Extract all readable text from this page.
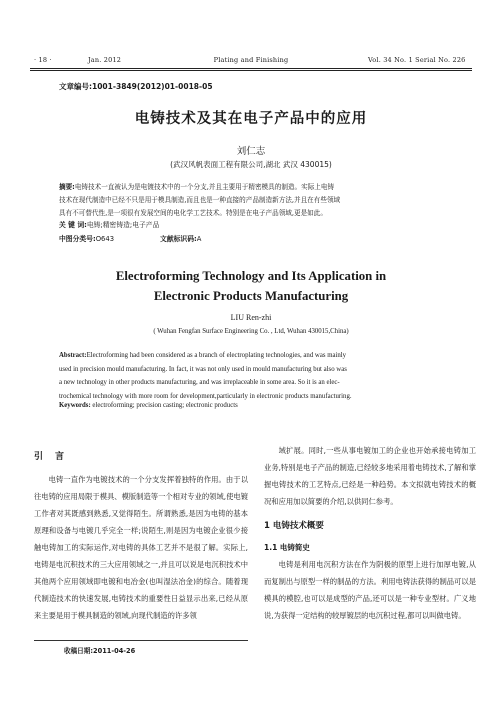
· 18 ·	Jan. 2012	Plating and Finishing	Vol. 34 No. 1 Serial No. 226
文章编号:1001-3849(2012)01-0018-05
电铸技术及其在电子产品中的应用
刘仁志
(武汉风帆表面工程有限公司,湖北 武汉 430015)
摘要:电铸技术一直被认为是电镀技术中的一个分支,并且主要用于精密模具的制造。实际上电铸
技术在现代制造中已经不只是用于模具制造,而且也是一种直接的产品制造新方法,并且在有些领域
具有不可替代性,是一项很有发展空间的电化学工艺技术。特别是在电子产品领域,更是如此。
关 键 词:电铸;精密铸造;电子产品
中图分类号:O643	文献标识码:A
Electroforming Technology and Its Application in
Electronic Products Manufacturing
LIU Ren-zhi
( Wuhan Fengfan Surface Engineering Co. , Ltd, Wuhan 430015,China)
Abstract:Electroforming had been considered as a branch of electroplating technologies, and was mainly
used in precision mould manufacturing. In fact, it was not only used in mould manufacturing but also was
a new technology in other products manufacturing, and was irreplaceable in some area. So it is an elec-
trochemical technology with more room for development,particularly in electronic products manufacturing.
Keywords: electroforming; precision casting; electronic products
引言

电铸一直作为电镀技术的一个分支发挥着独特的作用。由于以往电铸的应用局限于模具、模版制造等一个相对专业的领域,使电镀工作者对其既感到熟悉,又觉得陌生。所谓熟悉,是因为电铸的基本原理和设备与电镀几乎完全一样;说陌生,则是因为电镀企业很少接触电铸加工的实际运作,对电铸的具体工艺并不是很了解。实际上,电铸是电沉积技术的三大应用领域之一,并且可以说是电沉积技术中其他两个应用领域即电镀和电冶金(也叫湿法冶金)的综合。随着现代制造技术的快速发展,电铸技术的重要性日益显示出来,已经从原来主要是用于模具制造的领域,向现代制造的许多领

域扩展。同时,一些从事电镀加工的企业也开始承接电铸加工业务,特别是电子产品的制造,已经较多地采用着电铸技术,了解和掌握电铸技术的工艺特点,已经是一种趋势。本文拟就电铸技术的概况和应用加以简要的介绍,以供同仁参考。

1 电铸技术概要
1.1 电铸简史

电铸是利用电沉积方法在作为阴极的原型上进行加厚电镀,从而复制出与原型一样的制品的方法。利用电铸法获得的制品可以是模具的模腔,也可以是成型的产品,还可以是一种专业型材。广义地说,为获得一定结构的较厚镀层的电沉积过程,都可以叫做电铸。

收稿日期:2011-04-26
